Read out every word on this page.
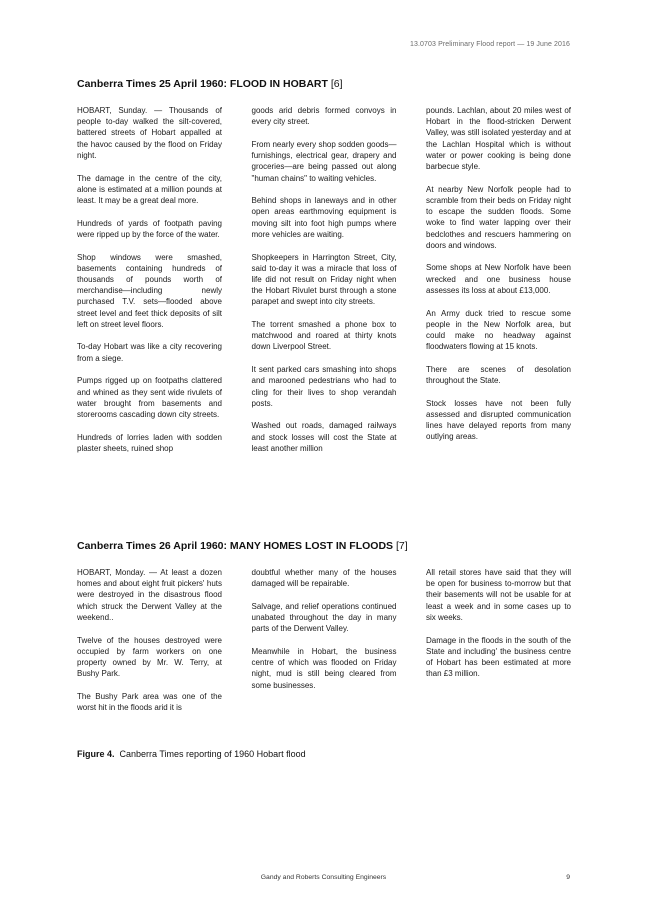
13.0703 Preliminary Flood report — 19 June 2016
Canberra Times 25 April 1960: FLOOD IN HOBART [6]

HOBART, Sunday. — Thousands of people to-day walked the silt-covered, battered streets of Hobart appalled at the havoc caused by the flood on Friday night.

The damage in the centre of the city, alone is estimated at a million pounds at least. It may be a great deal more.

Hundreds of yards of footpath paving were ripped up by the force of the water.

Shop windows were smashed, basements containing hundreds of thousands of pounds worth of merchandise—including newly purchased T.V. sets—flooded above street level and feet thick deposits of silt left on street level floors.

To-day Hobart was like a city recovering from a siege.

Pumps rigged up on footpaths clattered and whined as they sent wide rivulets of water brought from basements and storerooms cascading down city streets.

Hundreds of lorries laden with sodden plaster sheets, ruined shop

goods arid debris formed convoys in every city street.

From nearly every shop sodden goods—furnishings, electrical gear, drapery and groceries—are being passed out along "human chains" to waiting vehicles.

Behind shops in laneways and in other open areas earthmoving equipment is moving silt into foot high pumps where more vehicles are waiting.

Shopkeepers in Harrington Street, City, said to-day it was a miracle that loss of life did not result on Friday night when the Hobart Rivulet burst through a stone parapet and swept into city streets.

The torrent smashed a phone box to matchwood and roared at thirty knots down Liverpool Street.

It sent parked cars smashing into shops and marooned pedestrians who had to cling for their lives to shop verandah posts.

Washed out roads, damaged railways and stock losses will cost the State at least another million

pounds. Lachlan, about 20 miles west of Hobart in the flood-stricken Derwent Valley, was still isolated yesterday and at the Lachlan Hospital which is without water or power cooking is being done barbecue style.

At nearby New Norfolk people had to scramble from their beds on Friday night to escape the sudden floods. Some woke to find water lapping over their bedclothes and rescuers hammering on doors and windows.

Some shops at New Norfolk have been wrecked and one business house assesses its loss at about £13,000.

An Army duck tried to rescue some people in the New Norfolk area, but could make no headway against floodwaters flowing at 15 knots.

There are scenes of desolation throughout the State.

Stock losses have not been fully assessed and disrupted communication lines have delayed reports from many outlying areas.

Canberra Times 26 April 1960: MANY HOMES LOST IN FLOODS [7]

HOBART, Monday. — At least a dozen homes and about eight fruit pickers' huts were destroyed in the disastrous flood which struck the Derwent Valley at the weekend..

Twelve of the houses destroyed were occupied by farm workers on one property owned by Mr. W. Terry, at Bushy Park.

The Bushy Park area was one of the worst hit in the floods arid it is

doubtful whether many of the houses damaged will be repairable.

Salvage, and relief operations continued unabated throughout the day in many parts of the Derwent Valley.

Meanwhile in Hobart, the business centre of which was flooded on Friday night, mud is still being cleared from some businesses.

All retail stores have said that they will be open for business to-morrow but that their basements will not be usable for at least a week and in some cases up to six weeks.

Damage in the floods in the south of the State and including' the business centre of Hobart has been estimated at more than £3 million.

Figure 4. Canberra Times reporting of 1960 Hobart flood
Gandy and Roberts Consulting Engineers	9
